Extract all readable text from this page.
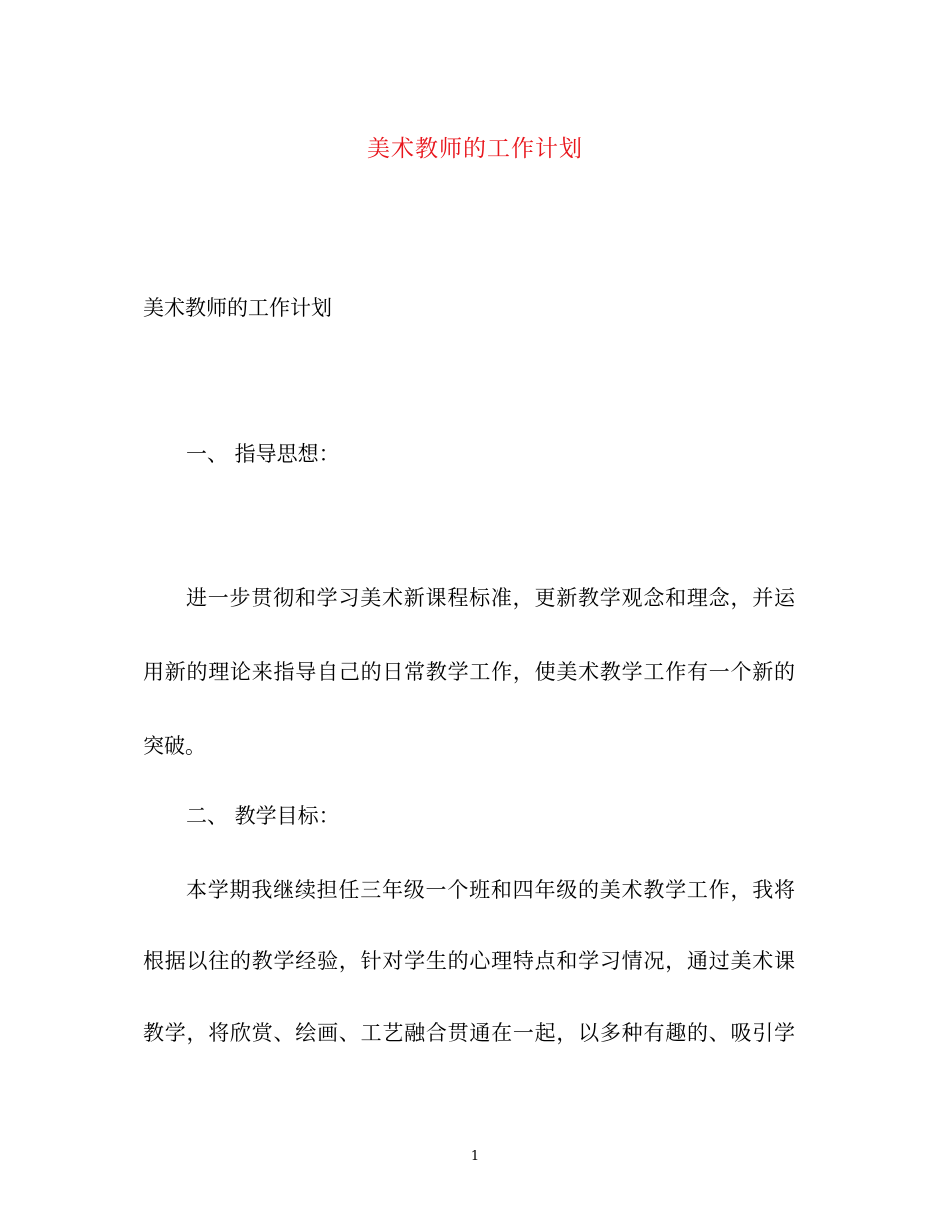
美术教师的工作计划

美术教师的工作计划

一、 指导思想：

进一步贯彻和学习美术新课程标准，更新教学观念和理念，并运

用新的理论来指导自己的日常教学工作，使美术教学工作有一个新的

突破。

二、 教学目标：

本学期我继续担任三年级一个班和四年级的美术教学工作，我将

根据以往的教学经验，针对学生的心理特点和学习情况，通过美术课

教学，将欣赏、绘画、工艺融合贯通在一起，以多种有趣的、吸引学

1
